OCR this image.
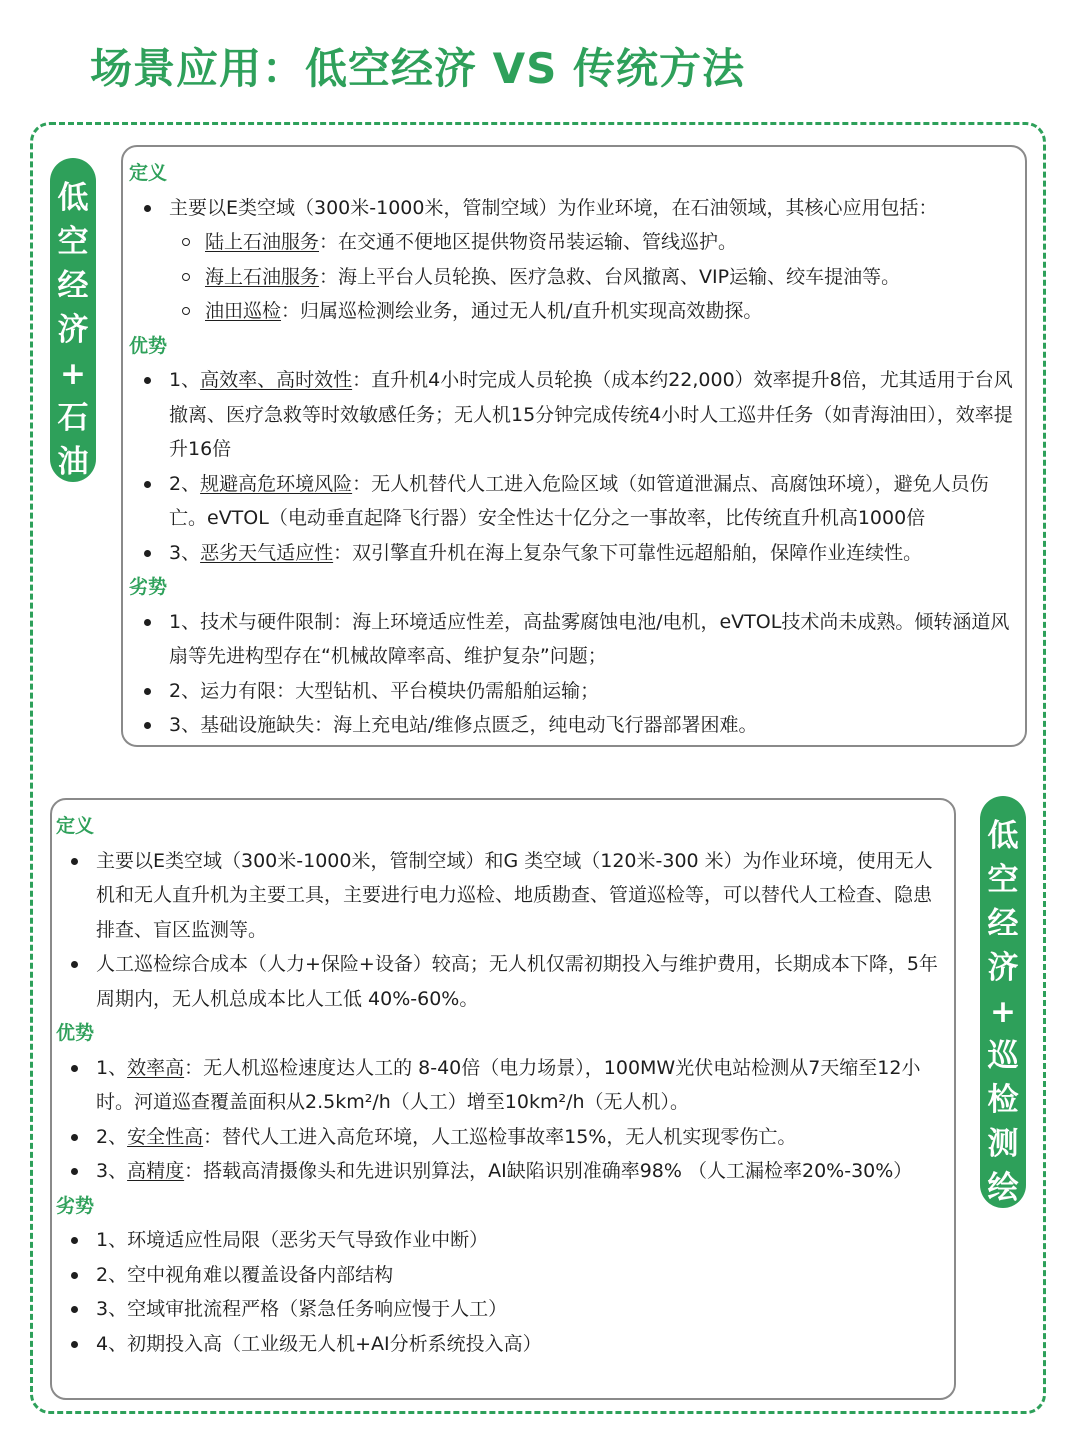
场景应用：低空经济 VS 传统方法
低
空
经
济
+
石
油
定义
主要以E类空域（300米-1000米，管制空域）为作业环境，在石油领域，其核心应用包括：
陆上石油服务：在交通不便地区提供物资吊装运输、管线巡护。
海上石油服务：海上平台人员轮换、医疗急救、台风撤离、VIP运输、绞车提油等。
油田巡检：归属巡检测绘业务，通过无人机/直升机实现高效勘探。
优势
1、高效率、高时效性：直升机4小时完成人员轮换（成本约22,000）效率提升8倍，尤其适用于台风撤离、医疗急救等时效敏感任务；无人机15分钟完成传统4小时人工巡井任务（如青海油田），效率提升16倍
2、规避高危环境风险：无人机替代人工进入危险区域（如管道泄漏点、高腐蚀环境），避免人员伤亡。eVTOL（电动垂直起降飞行器）安全性达十亿分之一事故率，比传统直升机高1000倍
3、恶劣天气适应性：双引擎直升机在海上复杂气象下可靠性远超船舶，保障作业连续性。
劣势
1、技术与硬件限制：海上环境适应性差，高盐雾腐蚀电池/电机，eVTOL技术尚未成熟。倾转涵道风扇等先进构型存在“机械故障率高、维护复杂”问题；
2、运力有限：大型钻机、平台模块仍需船舶运输；
3、基础设施缺失：海上充电站/维修点匮乏，纯电动飞行器部署困难。
定义
主要以E类空域（300米-1000米，管制空域）和G 类空域（120米-300 米）为作业环境，使用无人机和无人直升机为主要工具，主要进行电力巡检、地质勘查、管道巡检等，可以替代人工检查、隐患排查、盲区监测等。
人工巡检综合成本（人力+保险+设备）较高；无人机仅需初期投入与维护费用，长期成本下降，5年周期内，无人机总成本比人工低 40%-60%。
优势
1、效率高：无人机巡检速度达人工的 8-40倍（电力场景），100MW光伏电站检测从7天缩至12小时。河道巡查覆盖面积从2.5km²/h（人工）增至10km²/h（无人机）。
2、安全性高：替代人工进入高危环境，人工巡检事故率15%，无人机实现零伤亡。
3、高精度：搭载高清摄像头和先进识别算法，AI缺陷识别准确率98% （人工漏检率20%-30%）
劣势
1、环境适应性局限（恶劣天气导致作业中断）
2、空中视角难以覆盖设备内部结构
3、空域审批流程严格（紧急任务响应慢于人工）
4、初期投入高（工业级无人机+AI分析系统投入高）
低
空
经
济
+
巡
检
测
绘
